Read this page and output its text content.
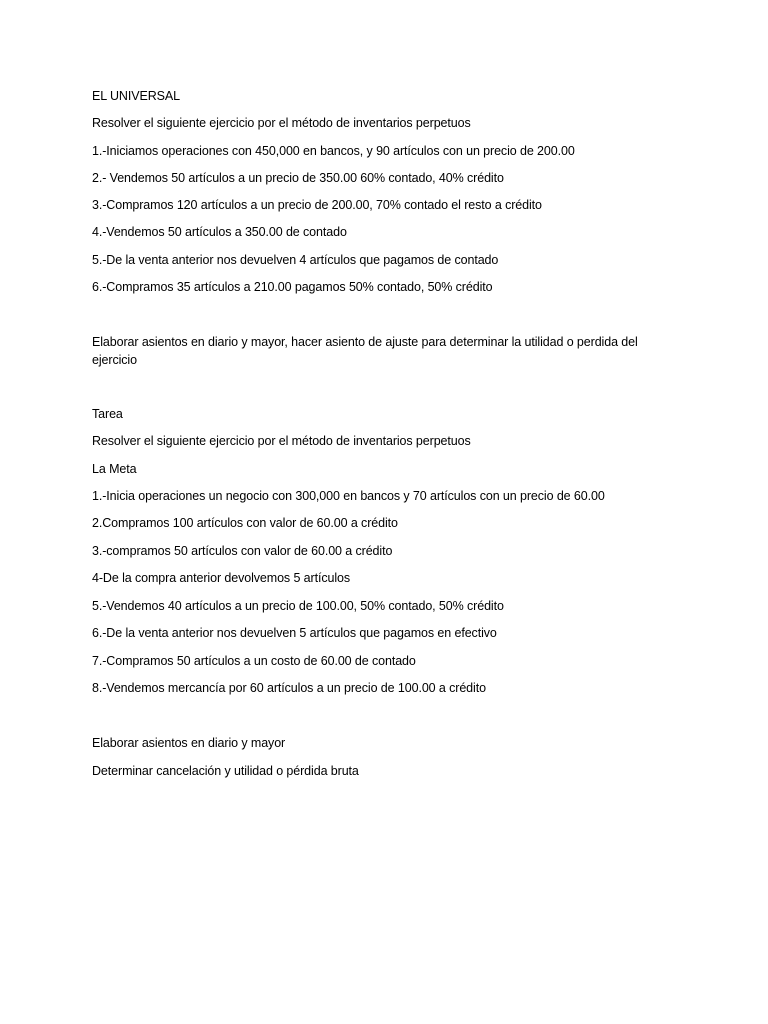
EL UNIVERSAL
Resolver el siguiente ejercicio por el método de inventarios perpetuos
1.-Iniciamos operaciones con 450,000 en bancos, y 90 artículos con un precio de 200.00
2.- Vendemos 50 artículos a un precio de 350.00 60% contado, 40% crédito
3.-Compramos 120 artículos a un precio de 200.00, 70% contado el resto a crédito
4.-Vendemos 50 artículos a 350.00 de contado
5.-De la venta anterior nos devuelven 4 artículos que pagamos de contado
6.-Compramos 35 artículos a 210.00 pagamos 50% contado, 50% crédito
Elaborar asientos en diario y mayor, hacer asiento de ajuste para determinar la utilidad o perdida del ejercicio
Tarea
Resolver el siguiente ejercicio por el método de inventarios perpetuos
La Meta
1.-Inicia operaciones un negocio con 300,000 en bancos y 70 artículos con un precio de 60.00
2.Compramos 100 artículos con valor de 60.00 a crédito
3.-compramos 50 artículos con valor de 60.00 a crédito
4-De la compra anterior devolvemos 5 artículos
5.-Vendemos 40 artículos a un precio de 100.00, 50% contado, 50% crédito
6.-De la venta anterior nos devuelven 5 artículos que pagamos en efectivo
7.-Compramos 50 artículos a un costo de 60.00 de contado
8.-Vendemos mercancía por 60 artículos a un precio de 100.00 a crédito
Elaborar asientos en diario y mayor
Determinar cancelación y utilidad o pérdida bruta
